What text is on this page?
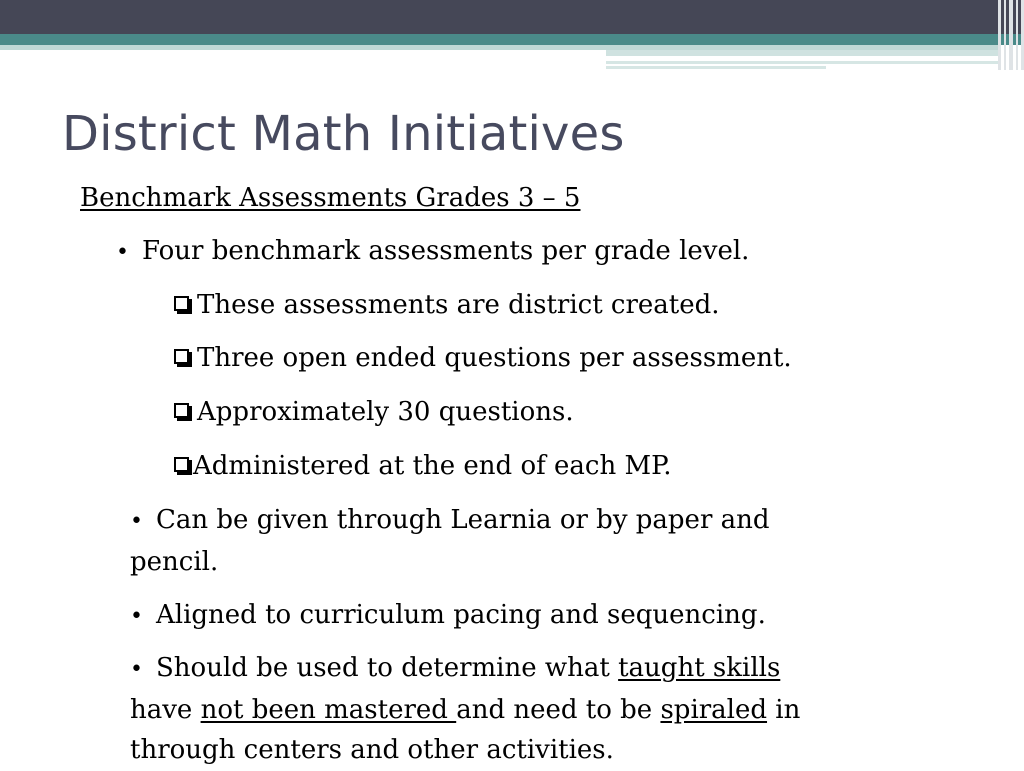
District Math Initiatives

Benchmark Assessments Grades 3 – 5

• Four benchmark assessments per grade level.

These assessments are district created.

Three open ended questions per assessment.

Approximately 30 questions.

Administered at the end of each MP.

• Can be given through Learnia or by paper and

pencil.

• Aligned to curriculum pacing and sequencing.

• Should be used to determine what taught skills

have not been mastered and need to be spiraled in

through centers and other activities.
